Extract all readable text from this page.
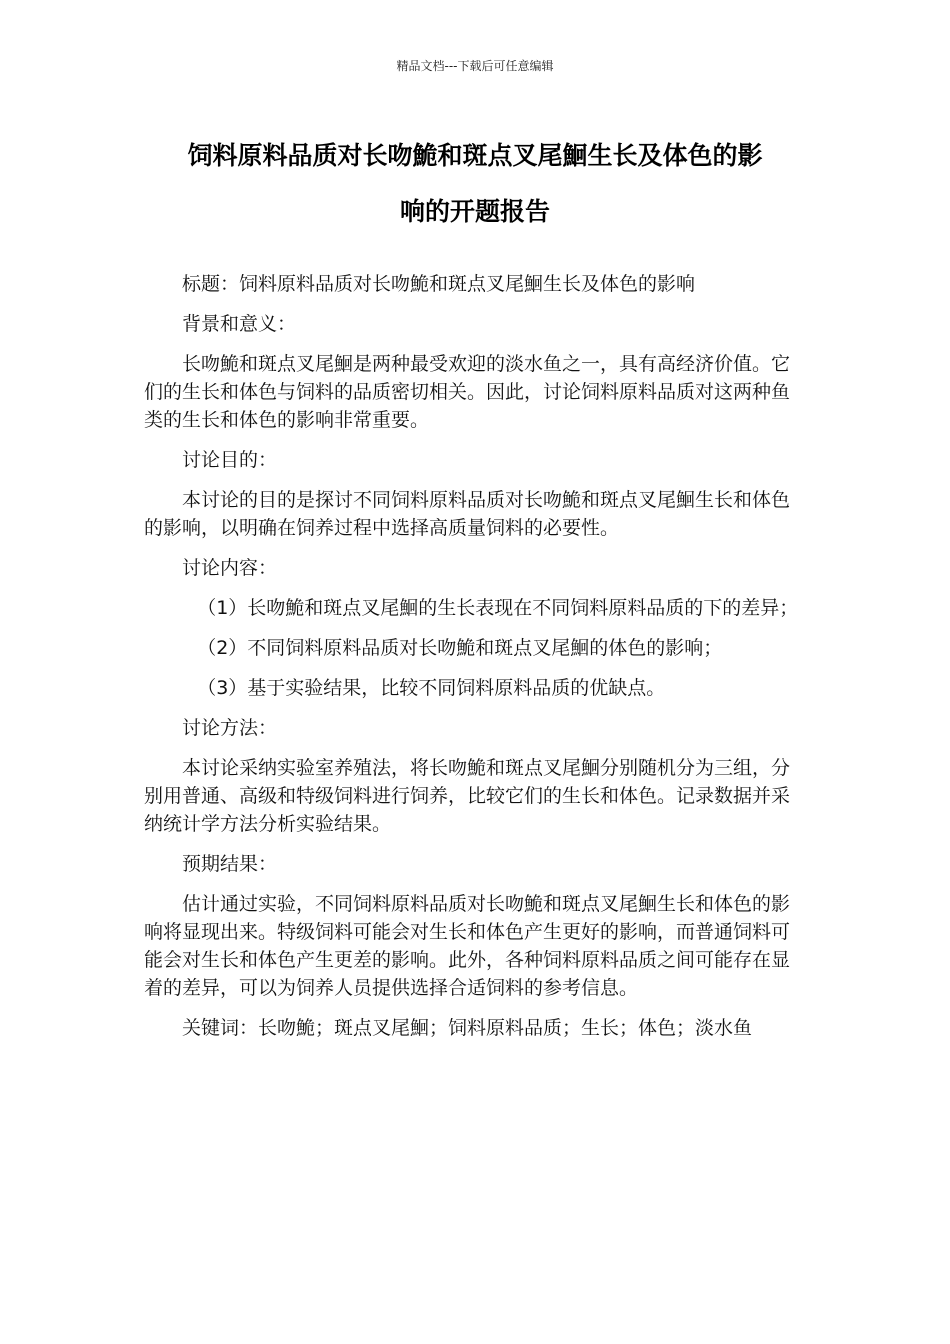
精品文档---下载后可任意编辑
饲料原料品质对长吻鮠和斑点叉尾鮰生长及体色的影
响的开题报告

标题：饲料原料品质对长吻鮠和斑点叉尾鮰生长及体色的影响

背景和意义：

长吻鮠和斑点叉尾鮰是两种最受欢迎的淡水鱼之一，具有高经济价值。它们的生长和体色与饲料的品质密切相关。因此，讨论饲料原料品质对这两种鱼类的生长和体色的影响非常重要。

讨论目的：

本讨论的目的是探讨不同饲料原料品质对长吻鮠和斑点叉尾鮰生长和体色的影响，以明确在饲养过程中选择高质量饲料的必要性。

讨论内容：

（1）长吻鮠和斑点叉尾鮰的生长表现在不同饲料原料品质的下的差异；

（2）不同饲料原料品质对长吻鮠和斑点叉尾鮰的体色的影响；

（3）基于实验结果，比较不同饲料原料品质的优缺点。

讨论方法：

本讨论采纳实验室养殖法，将长吻鮠和斑点叉尾鮰分别随机分为三组，分别用普通、高级和特级饲料进行饲养，比较它们的生长和体色。记录数据并采纳统计学方法分析实验结果。

预期结果：

估计通过实验，不同饲料原料品质对长吻鮠和斑点叉尾鮰生长和体色的影响将显现出来。特级饲料可能会对生长和体色产生更好的影响，而普通饲料可能会对生长和体色产生更差的影响。此外，各种饲料原料品质之间可能存在显着的差异，可以为饲养人员提供选择合适饲料的参考信息。

关键词：长吻鮠；斑点叉尾鮰；饲料原料品质；生长；体色；淡水鱼
